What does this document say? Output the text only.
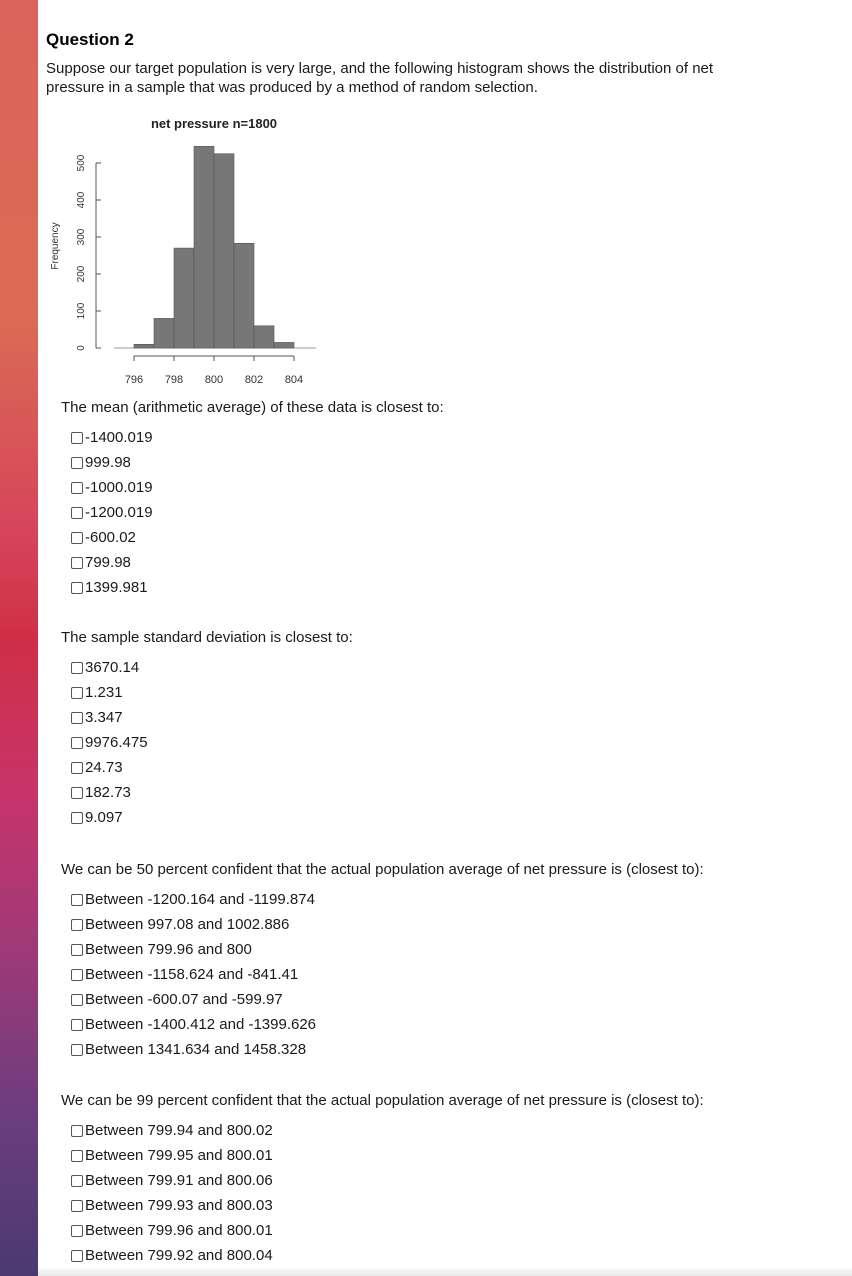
Question 2
Suppose our target population is very large, and the following histogram shows the distribution of net pressure in a sample that was produced by a method of random selection.
net pressure n=1800
Frequency
796 798 800 802 804
0
100
200
300
400
500
The mean (arithmetic average) of these data is closest to:
-1400.019
999.98
-1000.019
-1200.019
-600.02
799.98
1399.981
The sample standard deviation is closest to:
3670.14
1.231
3.347
9976.475
24.73
182.73
9.097
We can be 50 percent confident that the actual population average of net pressure is (closest to):
Between -1200.164 and -1199.874
Between 997.08 and 1002.886
Between 799.96 and 800
Between -1158.624 and -841.41
Between -600.07 and -599.97
Between -1400.412 and -1399.626
Between 1341.634 and 1458.328
We can be 99 percent confident that the actual population average of net pressure is (closest to):
Between 799.94 and 800.02
Between 799.95 and 800.01
Between 799.91 and 800.06
Between 799.93 and 800.03
Between 799.96 and 800.01
Between 799.92 and 800.04
